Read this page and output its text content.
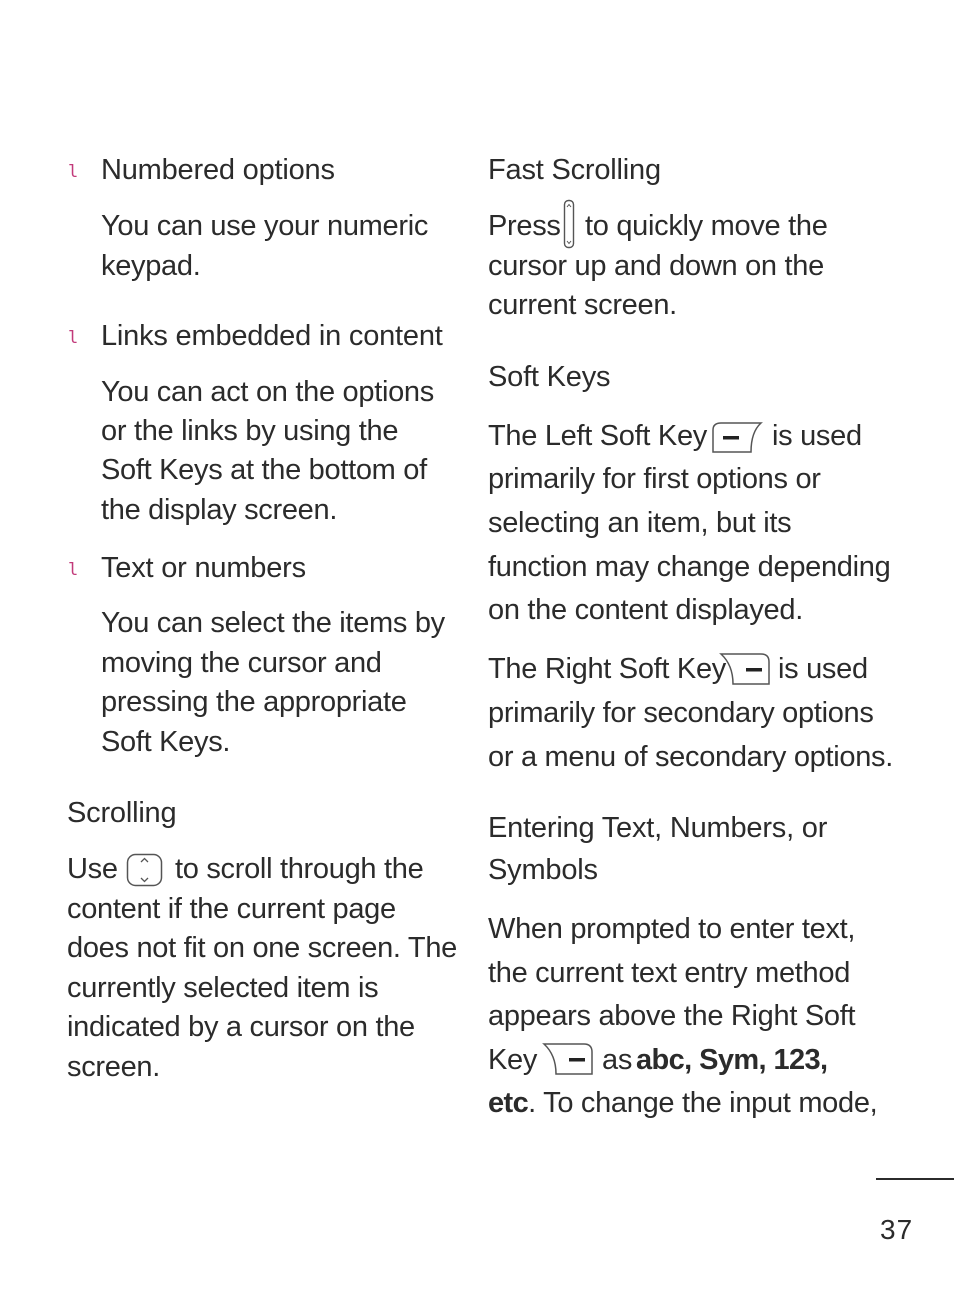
l Numbered options
You can use your numeric
keypad.
l Links embedded in content
You can act on the options
or the links by using the
Soft Keys at the bottom of
the display screen.
l Text or numbers
You can select the items by
moving the cursor and
pressing the appropriate
Soft Keys.
Scrolling
Use to scroll through the
content if the current page
does not fit on one screen. The
currently selected item is
indicated by a cursor on the
screen.
Fast Scrolling
Press to quickly move the
cursor up and down on the
current screen.
Soft Keys
The Left Soft Key is used
primarily for first options or
selecting an item, but its
function may change depending
on the content displayed.
The Right Soft Key is used
primarily for secondary options
or a menu of secondary options.
Entering Text, Numbers, or
Symbols
When prompted to enter text,
the current text entry method
appears above the Right Soft
Key as abc, Sym, 123,
etc. To change the input mode,
37
